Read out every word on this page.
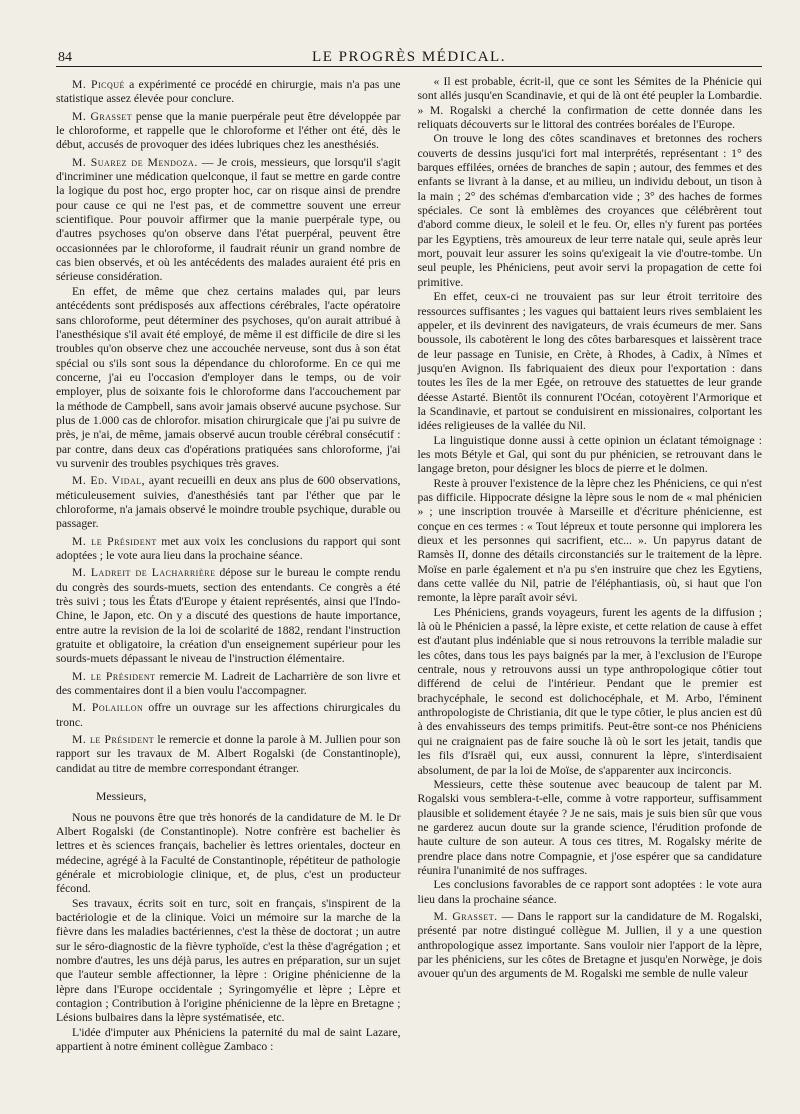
84	LE PROGRÈS MÉDICAL.

M. Picqué a expérimenté ce procédé en chirurgie, mais n'a pas une statistique assez élevée pour conclure.

M. Grasset pense que la manie puerpérale peut être développée par le chloroforme, et rappelle que le chloroforme et l'éther ont été, dès le début, accusés de provoquer des idées lubriques chez les anesthésiés.

M. Suarez de Mendoza. — Je crois, messieurs, que lorsqu'il s'agit d'incriminer une médication quelconque, il faut se mettre en garde contre la logique du post hoc, ergo propter hoc, car on risque ainsi de prendre pour cause ce qui ne l'est pas, et de commettre souvent une erreur scientifique. Pour pouvoir affirmer que la manie puerpérale type, ou d'autres psychoses qu'on observe dans l'état puerpéral, peuvent être occasionnées par le chloroforme, il faudrait réunir un grand nombre de cas bien observés, et où les antécédents des malades auraient été pris en sérieuse considération.

En effet, de même que chez certains malades qui, par leurs antécédents sont prédisposés aux affections cérébrales, l'acte opératoire sans chloroforme, peut déterminer des psychoses, qu'on aurait attribué à l'anesthésique s'il avait été employé, de même il est difficile de dire si les troubles qu'on observe chez une accouchée nerveuse, sont dus à son état spécial ou s'ils sont sous la dépendance du chloroforme. En ce qui me concerne, j'ai eu l'occasion d'employer dans le temps, ou de voir employer, plus de soixante fois le chloroforme dans l'accouchement par la méthode de Campbell, sans avoir jamais observé aucune psychose. Sur plus de 1.000 cas de chlorofor. misation chirurgicale que j'ai pu suivre de près, je n'ai, de même, jamais observé aucun trouble cérébral consécutif : par contre, dans deux cas d'opérations pratiquées sans chloroforme, j'ai vu survenir des troubles psychiques très graves.

M. Ed. Vidal, ayant recueilli en deux ans plus de 600 observations, méticuleusement suivies, d'anesthésiés tant par l'éther que par le chloroforme, n'a jamais observé le moindre trouble psychique, durable ou passager.

M. le Président met aux voix les conclusions du rapport qui sont adoptées ; le vote aura lieu dans la prochaine séance.

M. Ladreit de Lacharrière dépose sur le bureau le compte rendu du congrès des sourds-muets, section des entendants. Ce congrès a été très suivi ; tous les États d'Europe y étaient représentés, ainsi que l'Indo-Chine, le Japon, etc. On y a discuté des questions de haute importance, entre autre la revision de la loi de scolarité de 1882, rendant l'instruction gratuite et obligatoire, la création d'un enseignement supérieur pour les sourds-muets dépassant le niveau de l'instruction élémentaire.

M. le Président remercie M. Ladreit de Lacharrière de son livre et des commentaires dont il a bien voulu l'accompagner.

M. Polaillon offre un ouvrage sur les affections chirurgicales du tronc.

M. le Président le remercie et donne la parole à M. Jullien pour son rapport sur les travaux de M. Albert Rogalski (de Constantinople), candidat au titre de membre correspondant étranger.

Messieurs,

Nous ne pouvons être que très honorés de la candidature de M. le Dr Albert Rogalski (de Constantinople). Notre confrère est bachelier ès lettres et ès sciences français, bachelier ès lettres orientales, docteur en médecine, agrégé à la Faculté de Constantinople, répétiteur de pathologie générale et microbiologie clinique, et, de plus, c'est un producteur fécond.

Ses travaux, écrits soit en turc, soit en français, s'inspirent de la bactériologie et de la clinique. Voici un mémoire sur la marche de la fièvre dans les maladies bactériennes, c'est la thèse de doctorat ; un autre sur le séro-diagnostic de la fièvre typhoïde, c'est la thèse d'agrégation ; et nombre d'autres, les uns déjà parus, les autres en préparation, sur un sujet que l'auteur semble affectionner, la lèpre : Origine phénicienne de la lèpre dans l'Europe occidentale ; Syringomyélie et lèpre ; Lèpre et contagion ; Contribution à l'origine phénicienne de la lèpre en Bretagne ; Lésions bulbaires dans la lèpre systématisée, etc.

L'idée d'imputer aux Phéniciens la paternité du mal de saint Lazare, appartient à notre éminent collègue Zambaco :

« Il est probable, écrit-il, que ce sont les Sémites de la Phénicie qui sont allés jusqu'en Scandinavie, et qui de là ont été peupler la Lombardie. » M. Rogalski a cherché la confirmation de cette donnée dans les reliquats découverts sur le littoral des contrées boréales de l'Europe.

On trouve le long des côtes scandinaves et bretonnes des rochers couverts de dessins jusqu'ici fort mal interprétés, représentant : 1° des barques effilées, ornées de branches de sapin ; autour, des femmes et des enfants se livrant à la danse, et au milieu, un individu debout, un tison à la main ; 2° des schémas d'embarcation vide ; 3° des haches de formes spéciales. Ce sont là emblèmes des croyances que célébrèrent tout d'abord comme dieux, le soleil et le feu. Or, elles n'y furent pas portées par les Egyptiens, très amoureux de leur terre natale qui, seule après leur mort, pouvait leur assurer les soins qu'exigeait la vie d'outre-tombe. Un seul peuple, les Phéniciens, peut avoir servi la propagation de cette foi primitive.

En effet, ceux-ci ne trouvaient pas sur leur étroit territoire des ressources suffisantes ; les vagues qui battaient leurs rives semblaient les appeler, et ils devinrent des navigateurs, de vrais écumeurs de mer. Sans boussole, ils cabotèrent le long des côtes barbaresques et laissèrent trace de leur passage en Tunisie, en Crète, à Rhodes, à Cadix, à Nîmes et jusqu'en Avignon. Ils fabriquaient des dieux pour l'exportation : dans toutes les îles de la mer Egée, on retrouve des statuettes de leur grande déesse Astarté. Bientôt ils connurent l'Océan, cotoyèrent l'Armorique et la Scandinavie, et partout se conduisirent en missionaires, colportant les idées religieuses de la vallée du Nil.

La linguistique donne aussi à cette opinion un éclatant témoignage : les mots Bétyle et Gal, qui sont du pur phénicien, se retrouvant dans le langage breton, pour désigner les blocs de pierre et le dolmen.

Reste à prouver l'existence de la lèpre chez les Phéniciens, ce qui n'est pas difficile. Hippocrate désigne la lèpre sous le nom de « mal phénicien » ; une inscription trouvée à Marseille et d'écriture phénicienne, est conçue en ces termes : « Tout lépreux et toute personne qui implorera les dieux et les personnes qui sacrifient, etc... ». Un papyrus datant de Ramsès II, donne des détails circonstanciés sur le traitement de la lèpre. Moïse en parle également et n'a pu s'en instruire que chez les Egytiens, dans cette vallée du Nil, patrie de l'éléphantiasis, où, si haut que l'on remonte, la lèpre paraît avoir sévi.

Les Phéniciens, grands voyageurs, furent les agents de la diffusion ; là où le Phénicien a passé, la lèpre existe, et cette relation de cause à effet est d'autant plus indéniable que si nous retrouvons la terrible maladie sur les côtes, dans tous les pays baignés par la mer, à l'exclusion de l'Europe centrale, nous y retrouvons aussi un type anthropologique côtier tout différend de celui de l'intérieur. Pendant que le premier est brachycéphale, le second est dolichocéphale, et M. Arbo, l'éminent anthropologiste de Christiania, dit que le type côtier, le plus ancien est dû à des envahisseurs des temps primitifs. Peut-être sont-ce nos Phéniciens qui ne craignaient pas de faire souche là où le sort les jetait, tandis que les fils d'Israël qui, eux aussi, connurent la lèpre, s'interdisaient absolument, de par la loi de Moïse, de s'apparenter aux incirconcis.

Messieurs, cette thèse soutenue avec beaucoup de talent par M. Rogalski vous semblera-t-elle, comme à votre rapporteur, suffisamment plausible et solidement étayée ? Je ne sais, mais je suis bien sûr que vous ne garderez aucun doute sur la grande science, l'érudition profonde de haute culture de son auteur. A tous ces titres, M. Rogalsky mérite de prendre place dans notre Compagnie, et j'ose espérer que sa candidature réunira l'unanimité de nos suffrages.

Les conclusions favorables de ce rapport sont adoptées : le vote aura lieu dans la prochaine séance.

M. Grasset. — Dans le rapport sur la candidature de M. Rogalski, présenté par notre distingué collègue M. Jullien, il y a une question anthropologique assez importante. Sans vouloir nier l'apport de la lèpre, par les phéniciens, sur les côtes de Bretagne et jusqu'en Norwège, je dois avouer qu'un des arguments de M. Rogalski me semble de nulle valeur
